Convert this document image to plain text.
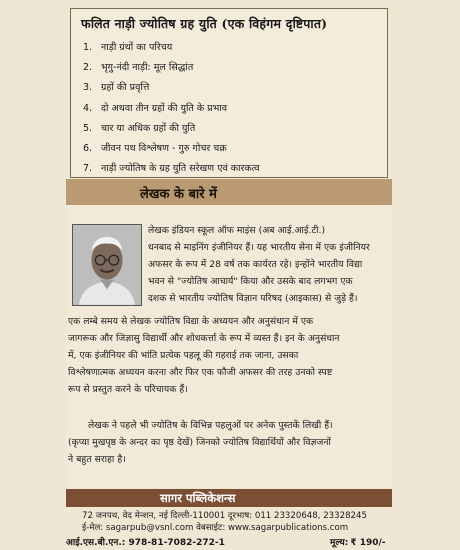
फलित नाड़ी ज्योतिष ग्रह युति (एक विहंगम दृष्टिपात)
1. नाड़ी ग्रंथों का परिचय
2. भृगु-नंदी नाड़ी: मूल सिद्धांत
3. ग्रहों की प्रवृत्ति
4. दो अथवा तीन ग्रहों की युति के प्रभाव
5. चार या अधिक ग्रहों की युति
6. जीवन पथ विश्लेषण - गुरु गोचर चक्र
7. नाड़ी ज्योतिष के ग्रह युति सरेखण एवं कारकत्व
लेखक के बारे में
लेखक इंडियन स्कूल ऑफ माइंस (अब आई.आई.टी.)
धनबाद से माइनिंग इंजीनियर हैं। यह भारतीय सेना में एक इंजीनियर
अफसर के रूप में 28 वर्ष तक कार्यरत रहे। इन्होंने भारतीय विद्या
भवन से "ज्योतिष आचार्य" किया और उसके बाद लगभग एक
दशक से भारतीय ज्योतिष विज्ञान परिषद (आइकास) से जुड़े हैं।
एक लम्बे समय से लेखक ज्योतिष विद्या के अध्ययन और अनुसंधान में एक
जागरूक और जिज्ञासु विद्यार्थी और शोधकर्त्ता के रूप में व्यस्त हैं। इन के अनुसंधान
में, एक इंजीनियर की भांति प्रत्येक पहलू की गहराई तक जाना, उसका
विश्लेषणात्मक अध्ययन करना और फिर एक फौजी अफसर की तरह उनको स्पष्ट
रूप से प्रस्तुत करने के परिचायक हैं।
लेखक ने पहले भी ज्योतिष के विभिन्न पहलुओं पर अनेक पुस्तकें लिखी हैं।
(कृप्या मुखपृष्ठ के अन्दर का पृष्ठ देखें) जिनको ज्योतिष विद्यार्थियों और विज्ञजनों
ने बहुत सराहा है।
सागर पब्लिकेशन्स
72 जनपथ, वेद मेन्शन, नई दिल्ली-110001 दूरभाष: 011 23320648, 23328245
ई-मेल: sagarpub@vsnl.com वेबसाईट: www.sagarpublications.com
आई.एस.बी.एन.: 978-81-7082-272-1	मूल्य: ₹ 190/-
